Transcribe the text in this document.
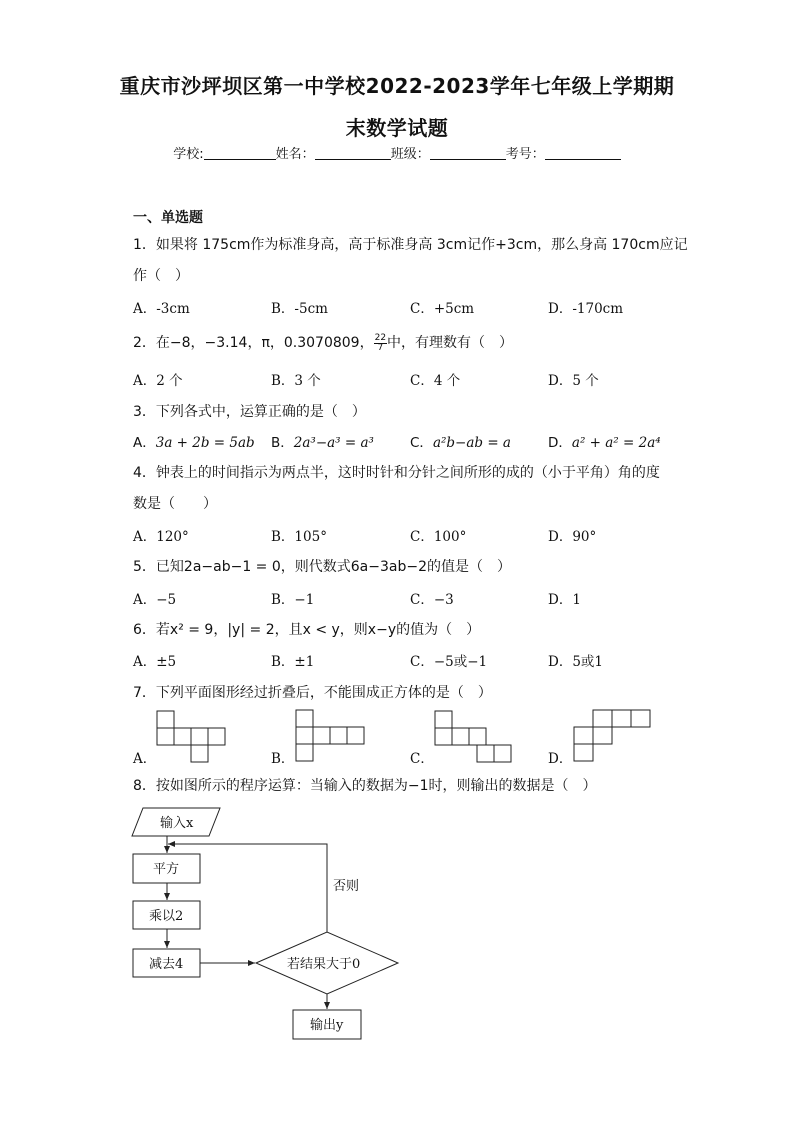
重庆市沙坪坝区第一中学校2022-2023学年七年级上学期期
末数学试题
学校:	姓名：	班级：	考号：
一、单选题
1．如果将 175cm作为标准身高，高于标准身高 3cm记作+3cm，那么身高 170cm应记
作（　）
A．-3cm	B．-5cm	C．+5cm	D．-170cm
2．在−8，−3.14，π，0.3070809， $\frac{22}{7}$ 中，有理数有（　）
A．2 个	B．3 个	C．4 个	D．5 个
3．下列各式中，运算正确的是（　）
A．3a + 2b = 5ab B．2a³−a³ = a³	C．a²b−ab = a	D．a² + a² = 2a⁴
4．钟表上的时间指示为两点半，这时时针和分针之间所形的成的（小于平角）角的度
数是（　　）
A．120°	B．105°	C．100°	D．90°
5．已知2a−ab−1 = 0，则代数式6a−3ab−2的值是（　）
A．−5	B．−1	C．−3	D．1
6．若x² = 9，|y| = 2，且x < y，则x−y的值为（　）
A．±5	B．±1	C．−5或−1	D．5或1
7．下列平面图形经过折叠后，不能围成正方体的是（　）
A．	B．	C．	D．
8．按如图所示的程序运算：当输入的数据为−1时，则输出的数据是（　）
输入x
平方
乘以2
减去4	若结果大于0
否则
输出y
